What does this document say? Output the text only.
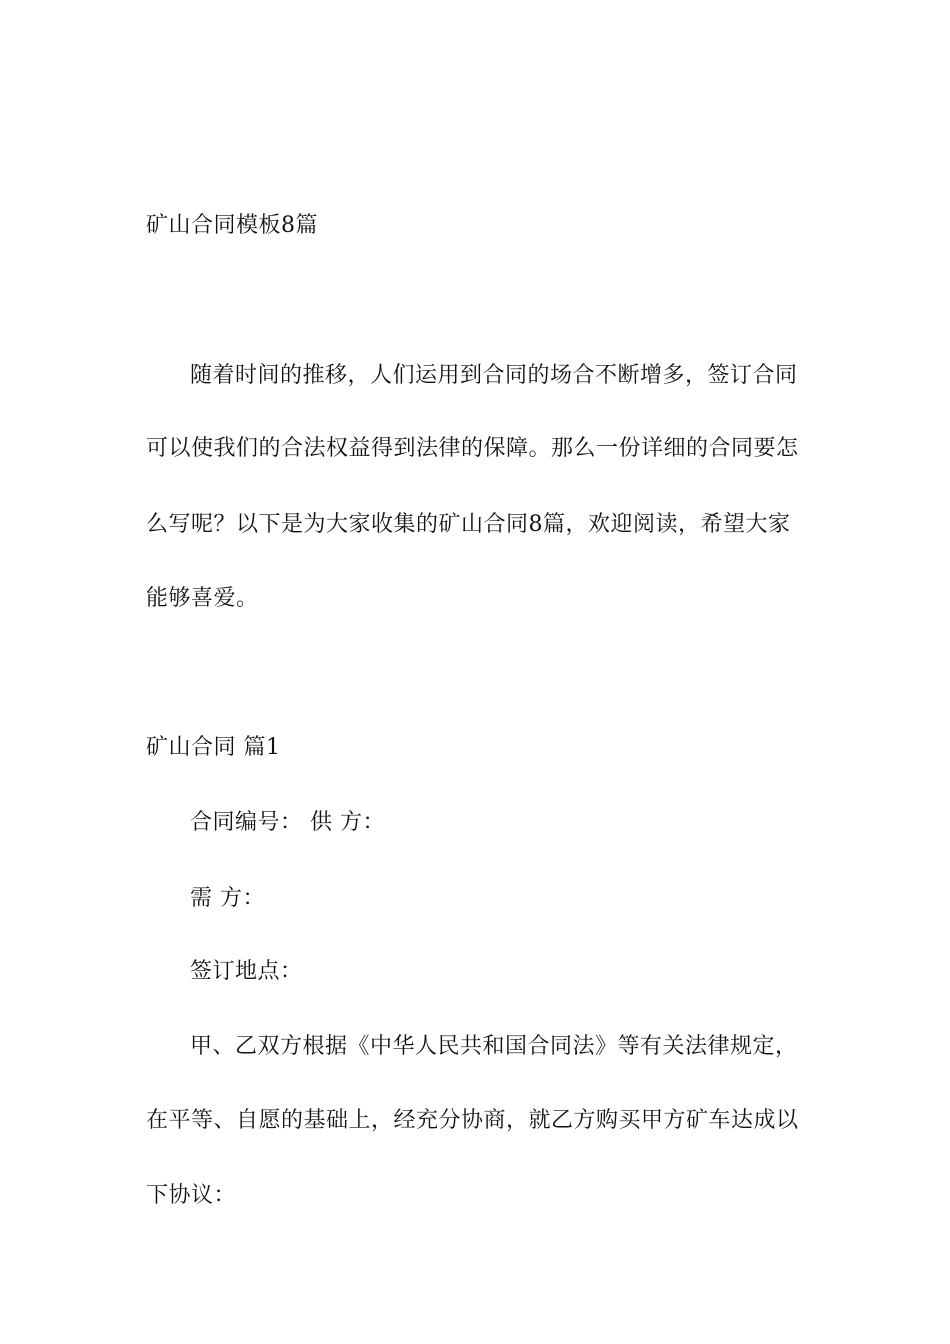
矿山合同模板8篇
随着时间的推移，人们运用到合同的场合不断增多，签订合同
可以使我们的合法权益得到法律的保障。那么一份详细的合同要怎
么写呢？以下是为大家收集的矿山合同8篇，欢迎阅读，希望大家
能够喜爱。
矿山合同 篇1
合同编号： 供 方：
需 方：
签订地点：
甲、乙双方根据《中华人民共和国合同法》等有关法律规定，
在平等、自愿的基础上，经充分协商，就乙方购买甲方矿车达成以
下协议：
